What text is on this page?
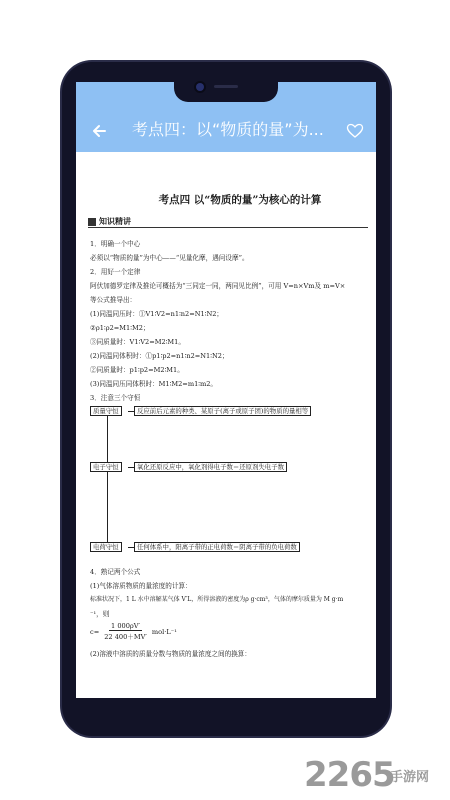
考点四：以“物质的量”为...
考点四 以“物质的量”为核心的计算
知识精讲
1．明确一个中心
必须以“物质的量”为中心——“见量化摩，遇问设摩”。
2．用好一个定律
阿伏加德罗定律及推论可概括为“三同定一同，两同见比例”，可用 V=n×Vm及 m=V×
等公式推导出：
(1)同温同压时：①V1∶V2=n1∶n2=N1∶N2；
②ρ1∶ρ2=M1∶M2；
③同质量时：V1∶V2=M2∶M1。
(2)同温同体积时：①p1∶p2=n1∶n2=N1∶N2；
②同质量时：p1∶p2=M2∶M1。
(3)同温同压同体积时：M1∶M2=m1∶m2。
3．注意三个守恒
质量守恒	反应前后元素的种类、某原子(离子或原子团)的物质的量相等
电子守恒	氧化还原反应中，氧化剂得电子数＝还原剂失电子数
电荷守恒	任何体系中，阳离子带的正电荷数＝阴离子带的负电荷数
4．熟记两个公式
(1)气体溶质物质的量浓度的计算：
标准状况下，1 L 水中溶解某气体 V′L，所得溶液的密度为ρ g·cm³，气体的摩尔质量为 M g·m
⁻¹，则
$c= \frac{1 000\rho V'}{22 400+MV'} mol\cdot L^{-1}$
(2)溶液中溶质的质量分数与物质的量浓度之间的换算：
2265
手游网
